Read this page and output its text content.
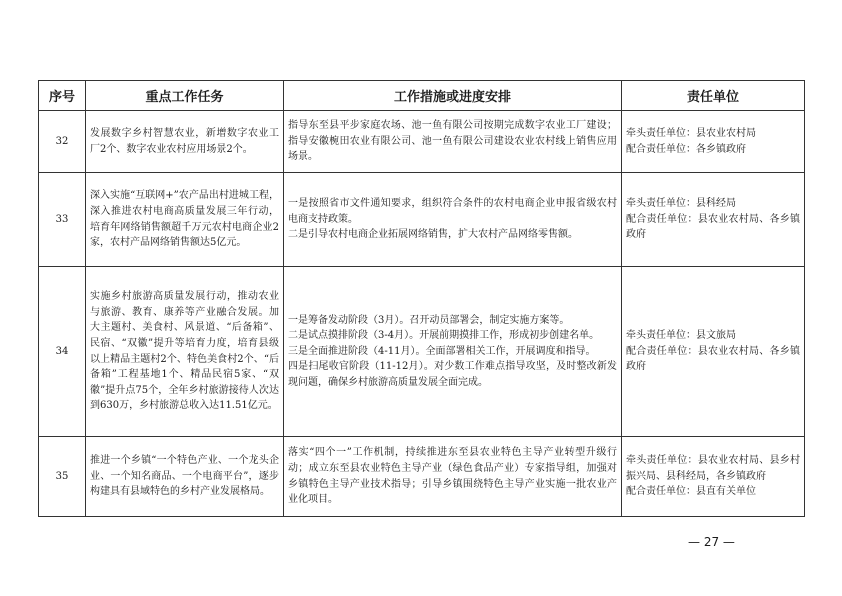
序号	重点工作任务	工作措施或进度安排	责任单位
32	发展数字乡村智慧农业，新增数字农业工厂2个、数字农业农村应用场景2个。	指导东至县平步家庭农场、池一鱼有限公司按期完成数字农业工厂建设；指导安徽椀田农业有限公司、池一鱼有限公司建设农业农村线上销售应用场景。	牵头责任单位：县农业农村局
配合责任单位：各乡镇政府

33	深入实施“互联网+”农产品出村进城工程，深入推进农村电商高质量发展三年行动，培育年网络销售额超千万元农村电商企业2家，农村产品网络销售额达5亿元。	一是按照省市文件通知要求，组织符合条件的农村电商企业申报省级农村电商支持政策。
二是引导农村电商企业拓展网络销售，扩大农村产品网络零售额。	牵头责任单位：县科经局
配合责任单位：县农业农村局、各乡镇政府

34	实施乡村旅游高质量发展行动，推动农业与旅游、教育、康养等产业融合发展。加大主题村、美食村、风景道、“后备箱”、民宿、“双徽”提升等培育力度，培育县级以上精品主题村2个、特色美食村2个、“后备箱”工程基地1个、精品民宿5家、“双徽”提升点75个，全年乡村旅游接待人次达到630万，乡村旅游总收入达11.51亿元。	一是筹备发动阶段（3月）。召开动员部署会，制定实施方案等。
二是试点摸排阶段（3-4月）。开展前期摸排工作，形成初步创建名单。
三是全面推进阶段（4-11月）。全面部署相关工作，开展调度和指导。
四是扫尾收官阶段（11-12月）。对少数工作难点指导攻坚，及时整改新发现问题，确保乡村旅游高质量发展全面完成。	牵头责任单位：县文旅局
配合责任单位：县农业农村局、各乡镇政府

35	推进一个乡镇“一个特色产业、一个龙头企业、一个知名商品、一个电商平台”，逐步构建具有县域特色的乡村产业发展格局。	落实“四个一”工作机制，持续推进东至县农业特色主导产业转型升级行动；成立东至县农业特色主导产业（绿色食品产业）专家指导组，加强对乡镇特色主导产业技术指导；引导乡镇围绕特色主导产业实施一批农业产业化项目。	牵头责任单位：县农业农村局、县乡村振兴局、县科经局，各乡镇政府
配合责任单位：县直有关单位
— 27 —
